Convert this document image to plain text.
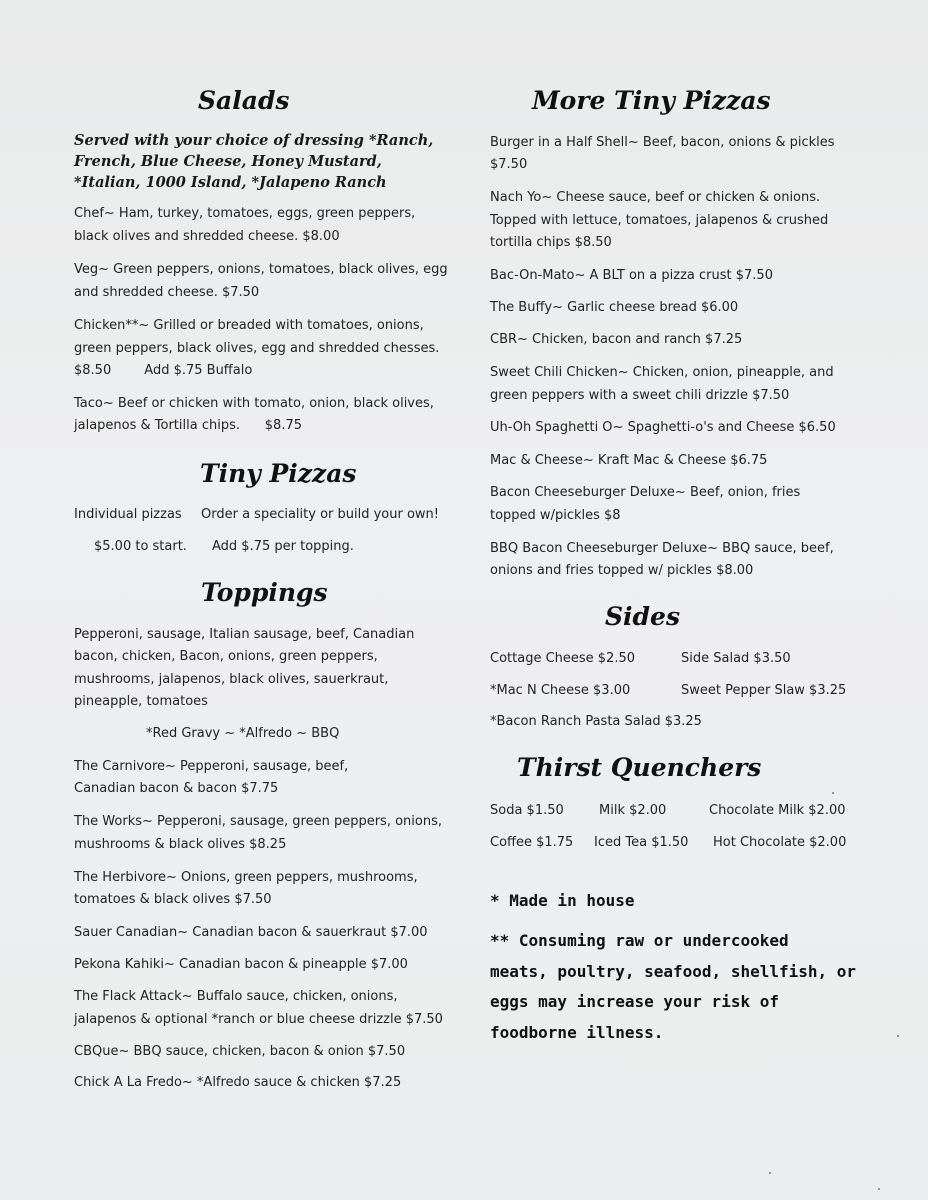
Salads
Served with your choice of dressing *Ranch,
French, Blue Cheese, Honey Mustard,
*Italian, 1000 Island, *Jalapeno Ranch

Chef~ Ham, turkey, tomatoes, eggs, green peppers,

black olives and shredded cheese. $8.00

Veg~ Green peppers, onions, tomatoes, black olives, egg

and shredded cheese. $7.50

Chicken**~ Grilled or breaded with tomatoes, onions,

green peppers, black olives, egg and shredded chesses.

$8.50        Add $.75 Buffalo

Taco~ Beef or chicken with tomato, onion, black olives,

jalapenos & Tortilla chips.      $8.75

Tiny Pizzas

Individual pizzas Order a speciality or build your own!

$5.00 to start. Add $.75 per topping.

Toppings

Pepperoni, sausage, Italian sausage, beef, Canadian

bacon, chicken, Bacon, onions, green peppers,

mushrooms, jalapenos, black olives, sauerkraut,

pineapple, tomatoes

*Red Gravy ~ *Alfredo ~ BBQ

The Carnivore~ Pepperoni, sausage, beef,

Canadian bacon & bacon $7.75

The Works~ Pepperoni, sausage, green peppers, onions,

mushrooms & black olives $8.25

The Herbivore~ Onions, green peppers, mushrooms,

tomatoes & black olives $7.50

Sauer Canadian~ Canadian bacon & sauerkraut $7.00

Pekona Kahiki~ Canadian bacon & pineapple $7.00

The Flack Attack~ Buffalo sauce, chicken, onions,

jalapenos & optional *ranch or blue cheese drizzle $7.50

CBQue~ BBQ sauce, chicken, bacon & onion $7.50

Chick A La Fredo~ *Alfredo sauce & chicken $7.25

More Tiny Pizzas

Burger in a Half Shell~ Beef, bacon, onions & pickles

$7.50

Nach Yo~ Cheese sauce, beef or chicken & onions.

Topped with lettuce, tomatoes, jalapenos & crushed

tortilla chips $8.50

Bac-On-Mato~ A BLT on a pizza crust $7.50

The Buffy~ Garlic cheese bread $6.00

CBR~ Chicken, bacon and ranch $7.25

Sweet Chili Chicken~ Chicken, onion, pineapple, and

green peppers with a sweet chili drizzle $7.50

Uh-Oh Spaghetti O~ Spaghetti-o's and Cheese $6.50

Mac & Cheese~ Kraft Mac & Cheese $6.75

Bacon Cheeseburger Deluxe~ Beef, onion, fries

topped w/pickles $8

BBQ Bacon Cheeseburger Deluxe~ BBQ sauce, beef,

onions and fries topped w/ pickles $8.00

Sides

Cottage Cheese $2.50	Side Salad $3.50

*Mac N Cheese $3.00	Sweet Pepper Slaw $3.25

*Bacon Ranch Pasta Salad $3.25

Thirst Quenchers

Soda $1.50	Milk $2.00	Chocolate Milk $2.00

Coffee $1.75 Iced Tea $1.50 Hot Chocolate $2.00

* Made in house

** Consuming raw or undercooked
meats, poultry, seafood, shellfish, or
eggs may increase your risk of
foodborne illness.
